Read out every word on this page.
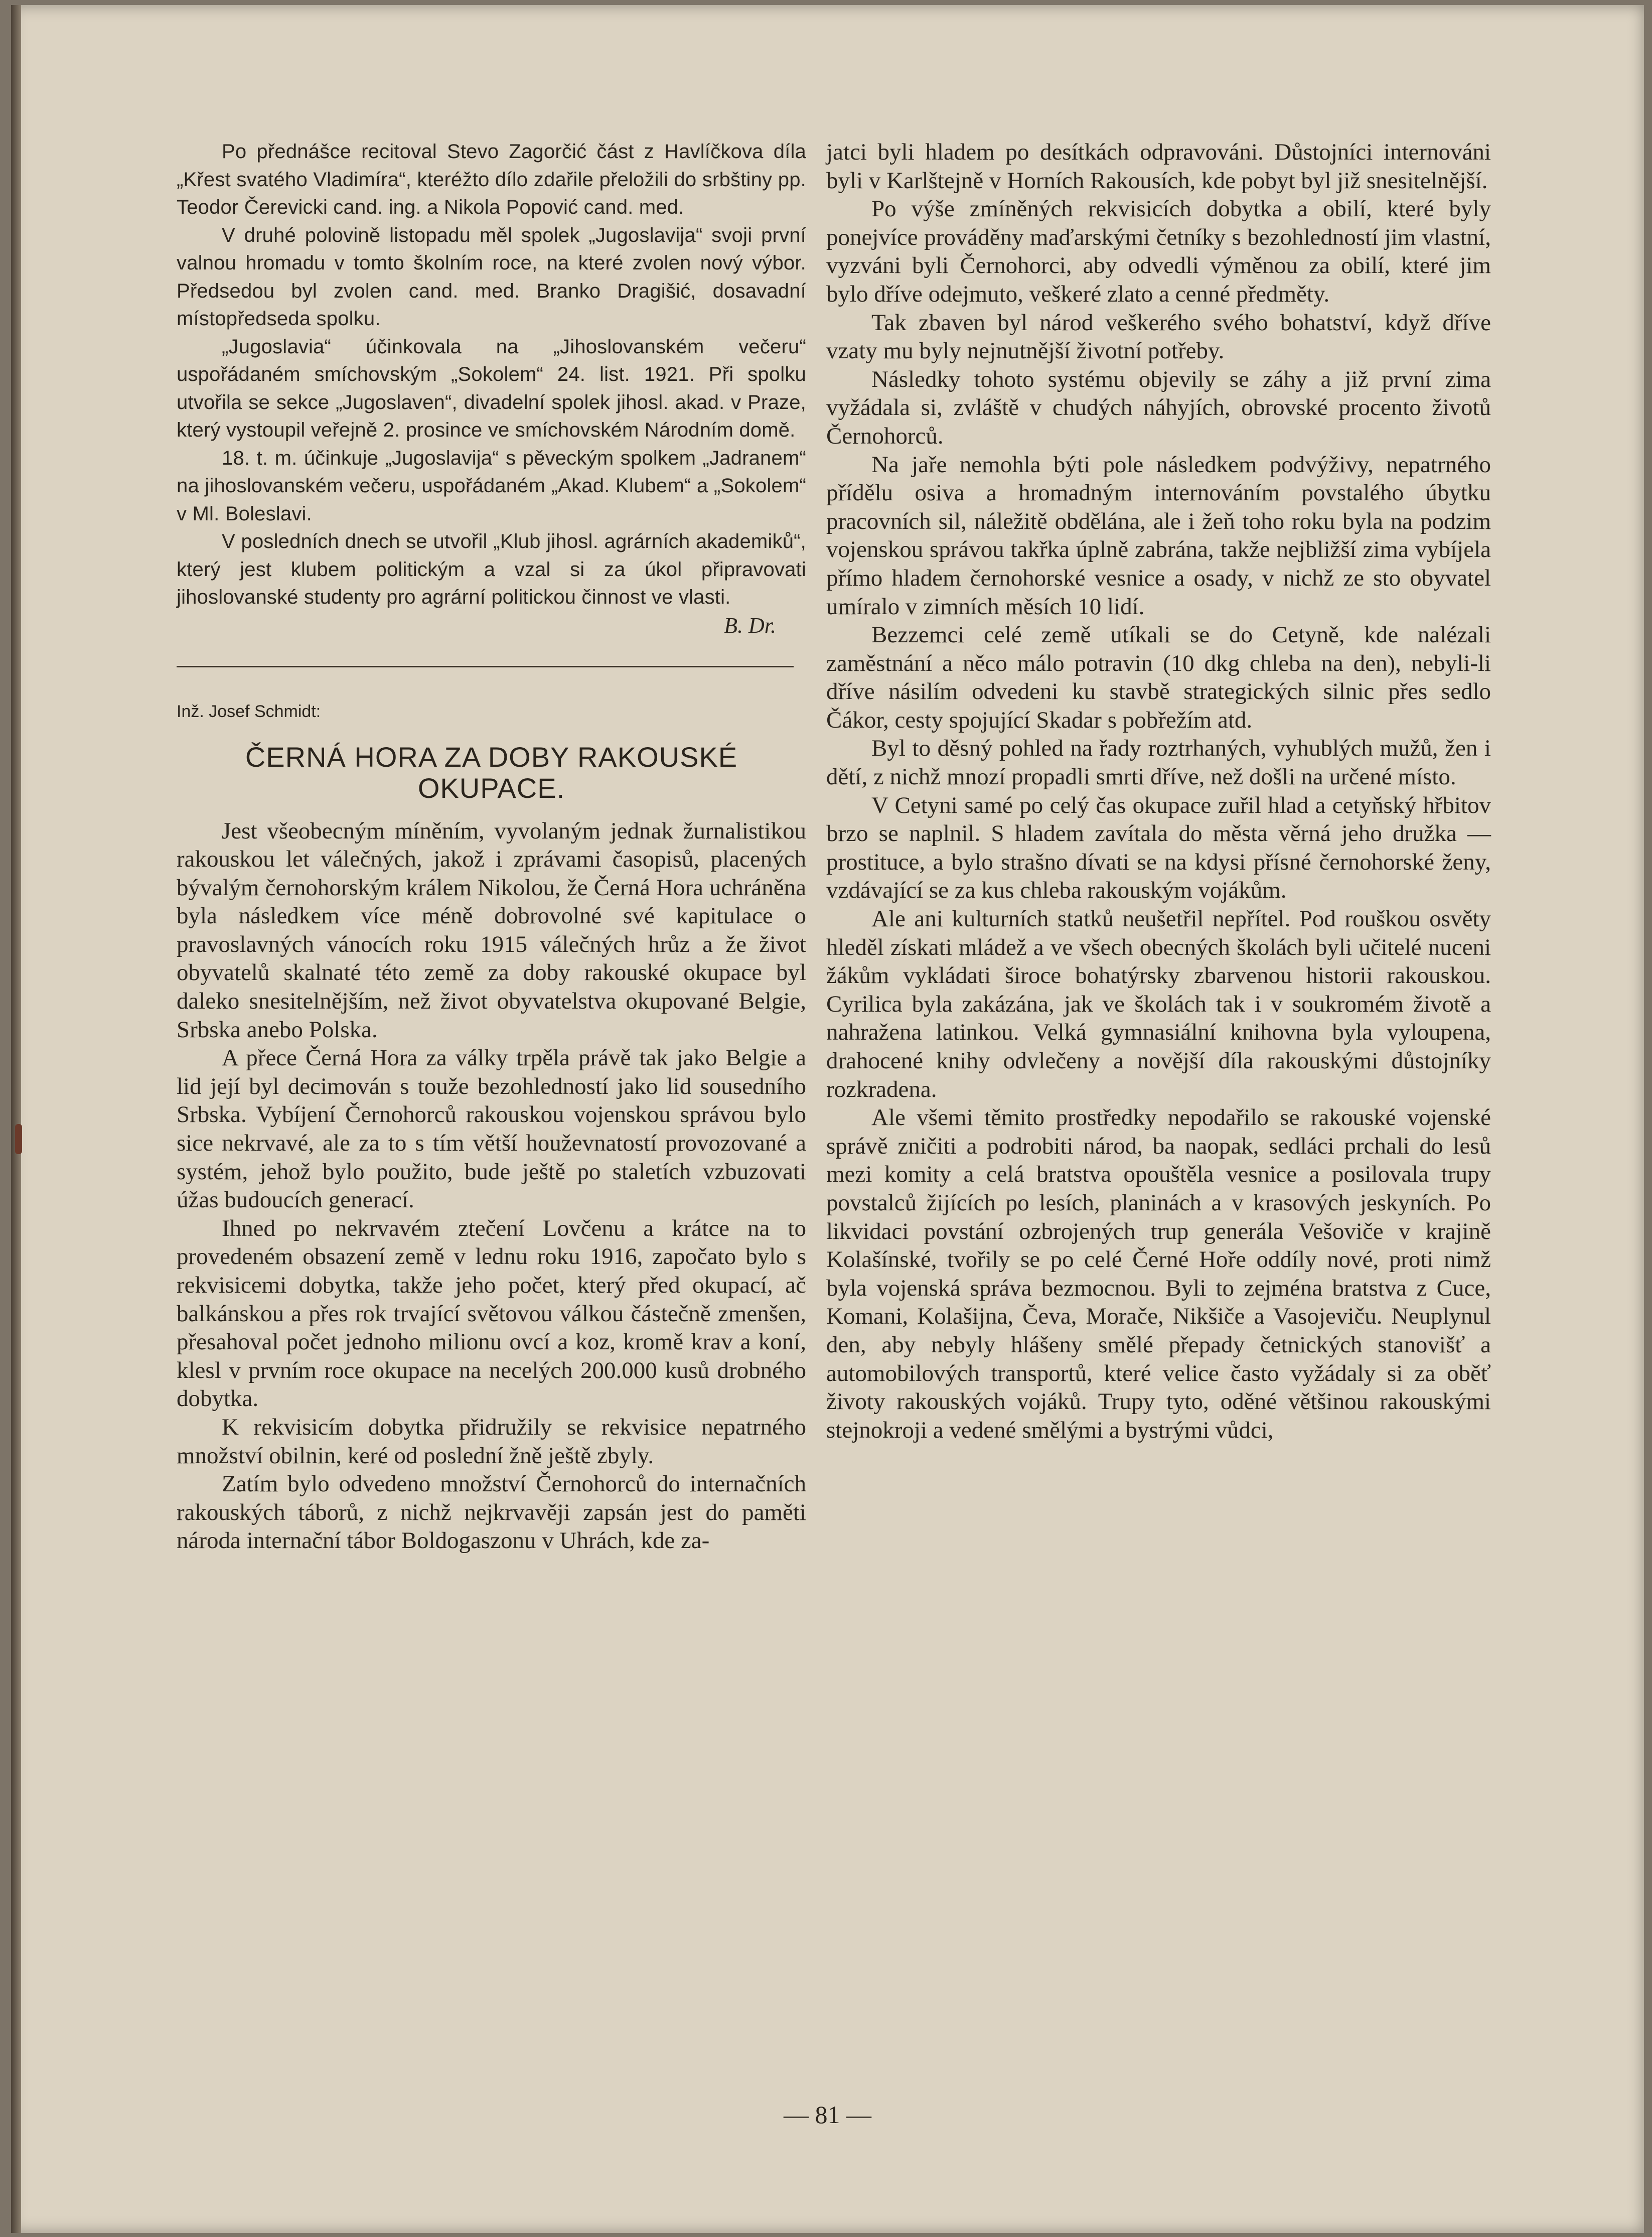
Po přednášce recitoval Stevo Zagorčić část z Havlíčkova díla „Křest svatého Vladimíra“, kteréžto dílo zdařile přeložili do srbštiny pp. Teodor Čerevicki cand. ing. a Nikola Popović cand. med.

V druhé polovině listopadu měl spolek „Jugoslavija“ svoji první valnou hromadu v tomto školním roce, na které zvolen nový výbor. Předsedou byl zvolen cand. med. Branko Dragišić, dosavadní místopředseda spolku.

„Jugoslavia“ účinkovala na „Jihoslovanském večeru“ uspořádaném smíchovským „Sokolem“ 24. list. 1921. Při spolku utvořila se sekce „Jugoslaven“, divadelní spolek jihosl. akad. v Praze, který vystoupil veřejně 2. prosince ve smíchovském Národním domě.

18. t. m. účinkuje „Jugoslavija“ s pěveckým spolkem „Jadranem“ na jihoslovanském večeru, uspořádaném „Akad. Klubem“ a „Sokolem“ v Ml. Boleslavi.

V posledních dnech se utvořil „Klub jihosl. agrárních akademiků“, který jest klubem politickým a vzal si za úkol připravovati jihoslovanské studenty pro agrární politickou činnost ve vlasti.

B. Dr.
Inž. Josef Schmidt:
ČERNÁ HORA ZA DOBY RAKOUSKÉ OKUPACE.

Jest všeobecným míněním, vyvolaným jednak žurnalistikou rakouskou let válečných, jakož i zprávami časopisů, placených bývalým černohorským králem Nikolou, že Černá Hora uchráněna byla následkem více méně dobrovolné své kapitulace o pravoslavných vánocích roku 1915 válečných hrůz a že život obyvatelů skalnaté této země za doby rakouské okupace byl daleko snesitelnějším, než život obyvatelstva okupované Belgie, Srbska anebo Polska.

A přece Černá Hora za války trpěla právě tak jako Belgie a lid její byl decimován s touže bezohledností jako lid sousedního Srbska. Vybíjení Černohorců rakouskou vojenskou správou bylo sice nekrvavé, ale za to s tím větší houževnatostí provozované a systém, jehož bylo použito, bude ještě po staletích vzbuzovati úžas budoucích generací.

Ihned po nekrvavém ztečení Lovčenu a krátce na to provedeném obsazení země v lednu roku 1916, započato bylo s rekvisicemi dobytka, takže jeho počet, který před okupací, ač balkánskou a přes rok trvající světovou válkou částečně zmenšen, přesahoval počet jednoho milionu ovcí a koz, kromě krav a koní, klesl v prvním roce okupace na necelých 200.000 kusů drobného dobytka.

K rekvisicím dobytka přidružily se rekvisice nepatrného množství obilnin, keré od poslední žně ještě zbyly.

Zatím bylo odvedeno množství Černohorců do internačních rakouských táborů, z nichž nejkrvavěji zapsán jest do paměti národa internační tábor Boldogaszonu v Uhrách, kde za-

jatci byli hladem po desítkách odpravováni. Důstojníci internováni byli v Karlštejně v Horních Rakousích, kde pobyt byl již snesitelnější.

Po výše zmíněných rekvisicích dobytka a obilí, které byly ponejvíce prováděny maďarskými četníky s bezohledností jim vlastní, vyzváni byli Černohorci, aby odvedli výměnou za obilí, které jim bylo dříve odejmuto, veškeré zlato a cenné předměty.

Tak zbaven byl národ veškerého svého bohatství, když dříve vzaty mu byly nejnutnější životní potřeby.

Následky tohoto systému objevily se záhy a již první zima vyžádala si, zvláště v chudých náhyjích, obrovské procento životů Černohorců.

Na jaře nemohla býti pole následkem podvýživy, nepatrného přídělu osiva a hromadným internováním povstalého úbytku pracovních sil, náležitě obdělána, ale i žeň toho roku byla na podzim vojenskou správou takřka úplně zabrána, takže nejbližší zima vybíjela přímo hladem černohorské vesnice a osady, v nichž ze sto obyvatel umíralo v zimních měsích 10 lidí.

Bezzemci celé země utíkali se do Cetyně, kde nalézali zaměstnání a něco málo potravin (10 dkg chleba na den), nebyli-li dříve násilím odvedeni ku stavbě strategických silnic přes sedlo Čákor, cesty spojující Skadar s pobřežím atd.

Byl to děsný pohled na řady roztrhaných, vyhublých mužů, žen i dětí, z nichž mnozí propadli smrti dříve, než došli na určené místo.

V Cetyni samé po celý čas okupace zuřil hlad a cetyňský hřbitov brzo se naplnil. S hladem zavítala do města věrná jeho družka — prostituce, a bylo strašno dívati se na kdysi přísné černohorské ženy, vzdávající se za kus chleba rakouským vojákům.

Ale ani kulturních statků neušetřil nepřítel. Pod rouškou osvěty hleděl získati mládež a ve všech obecných školách byli učitelé nuceni žákům vykládati široce bohatýrsky zbarvenou historii rakouskou. Cyrilica byla zakázána, jak ve školách tak i v soukromém životě a nahražena latinkou. Velká gymnasiální knihovna byla vyloupena, drahocené knihy odvlečeny a novější díla rakouskými důstojníky rozkradena.

Ale všemi těmito prostředky nepodařilo se rakouské vojenské správě zničiti a podrobiti národ, ba naopak, sedláci prchali do lesů mezi komity a celá bratstva opouštěla vesnice a posilovala trupy povstalců žijících po lesích, planinách a v krasových jeskyních. Po likvidaci povstání ozbrojených trup generála Vešoviče v krajině Kolašínské, tvořily se po celé Černé Hoře oddíly nové, proti nimž byla vojenská správa bezmocnou. Byli to zejména bratstva z Cuce, Komani, Kolašijna, Čeva, Morače, Nikšiče a Vasojeviču. Neuplynul den, aby nebyly hlášeny smělé přepady četnických stanovišť a automobilových transportů, které velice často vyžádaly si za oběť životy rakouských vojáků. Trupy tyto, oděné většinou rakouskými stejnokroji a vedené smělými a bystrými vůdci,

— 81 —
